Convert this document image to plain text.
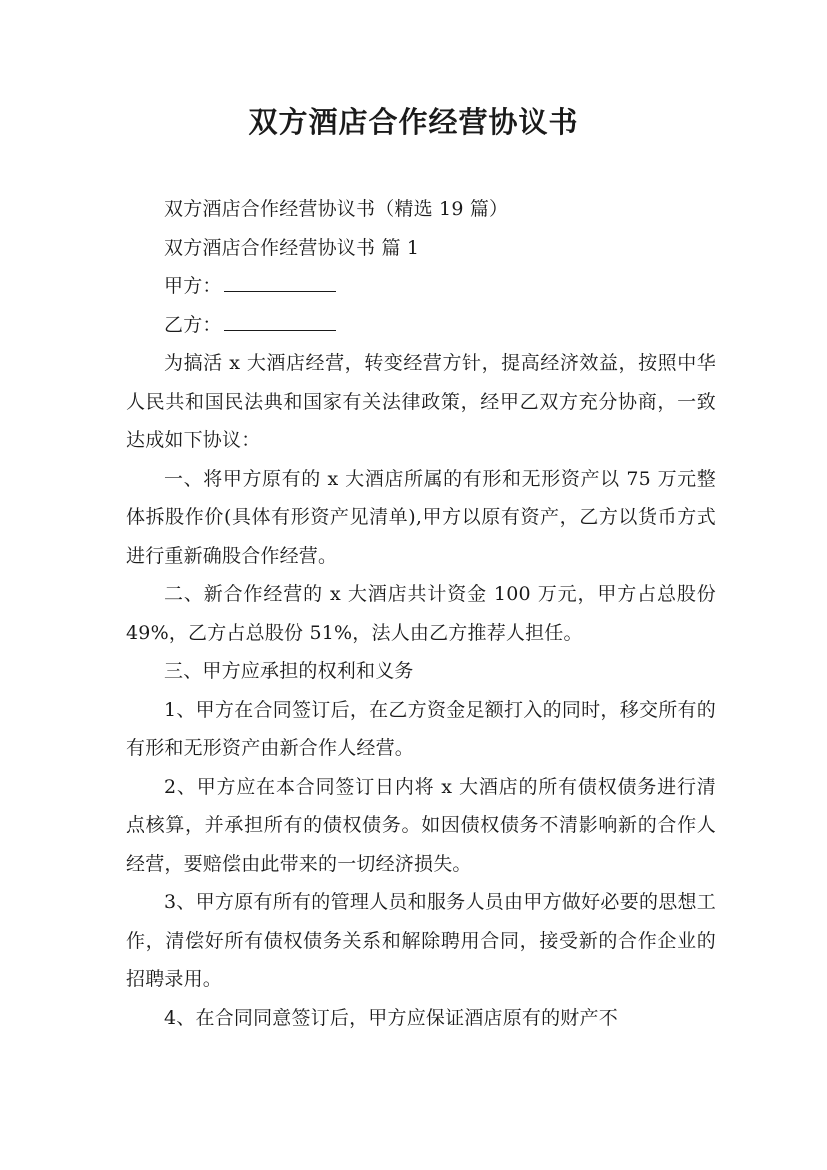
双方酒店合作经营协议书

双方酒店合作经营协议书（精选 19 篇）

双方酒店合作经营协议书 篇 1

甲方：

乙方：

为搞活 x 大酒店经营，转变经营方针，提高经济效益，按照中华人民共和国民法典和国家有关法律政策，经甲乙双方充分协商，一致达成如下协议：

一、将甲方原有的 x 大酒店所属的有形和无形资产以 75 万元整体拆股作价(具体有形资产见清单),甲方以原有资产，乙方以货币方式进行重新确股合作经营。

二、新合作经营的 x 大酒店共计资金 100 万元，甲方占总股份 49%，乙方占总股份 51%，法人由乙方推荐人担任。

三、甲方应承担的权利和义务

1、甲方在合同签订后，在乙方资金足额打入的同时，移交所有的有形和无形资产由新合作人经营。

2、甲方应在本合同签订日内将 x 大酒店的所有债权债务进行清点核算，并承担所有的债权债务。如因债权债务不清影响新的合作人经营，要赔偿由此带来的一切经济损失。

3、甲方原有所有的管理人员和服务人员由甲方做好必要的思想工作，清偿好所有债权债务关系和解除聘用合同，接受新的合作企业的招聘录用。

4、在合同同意签订后，甲方应保证酒店原有的财产不
